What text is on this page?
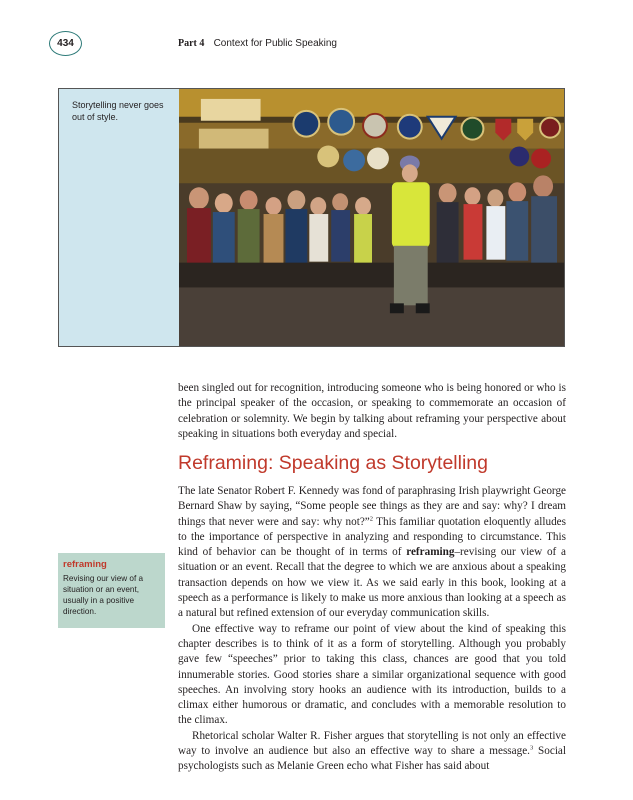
434	Part 4 Context for Public Speaking
Storytelling never goes out of style.

been singled out for recognition, introducing someone who is being honored or who is the principal speaker of the occasion, or speaking to commemorate an occasion of celebration or solemnity. We begin by talking about reframing your perspective about speaking in situations both everyday and special.

Reframing: Speaking as Storytelling

The late Senator Robert F. Kennedy was fond of paraphrasing Irish playwright George Bernard Shaw by saying, “Some people see things as they are and say: why? I dream things that never were and say: why not?”$^2$ This familiar quotation eloquently alludes to the importance of perspective in analyzing and responding to circumstance. This kind of behavior can be thought of in terms of reframing–revising our view of a situation or an event. Recall that the degree to which we are anxious about a speaking transaction depends on how we view it. As we said early in this book, looking at a speech as a performance is likely to make us more anxious than looking at a speech as a natural but refined extension of our everyday communication skills.

One effective way to reframe our point of view about the kind of speaking this chapter describes is to think of it as a form of storytelling. Although you probably gave few “speeches” prior to taking this class, chances are good that you told innumerable stories. Good stories share a similar organizational sequence with good speeches. An involving story hooks an audience with its introduction, builds to a climax either humorous or dramatic, and concludes with a memorable resolution to the climax.

Rhetorical scholar Walter R. Fisher argues that storytelling is not only an effective way to involve an audience but also an effective way to share a message.$^3$ Social psychologists such as Melanie Green echo what Fisher has said about

reframing
Revising our view of a situation or an event, usually in a positive direction.
